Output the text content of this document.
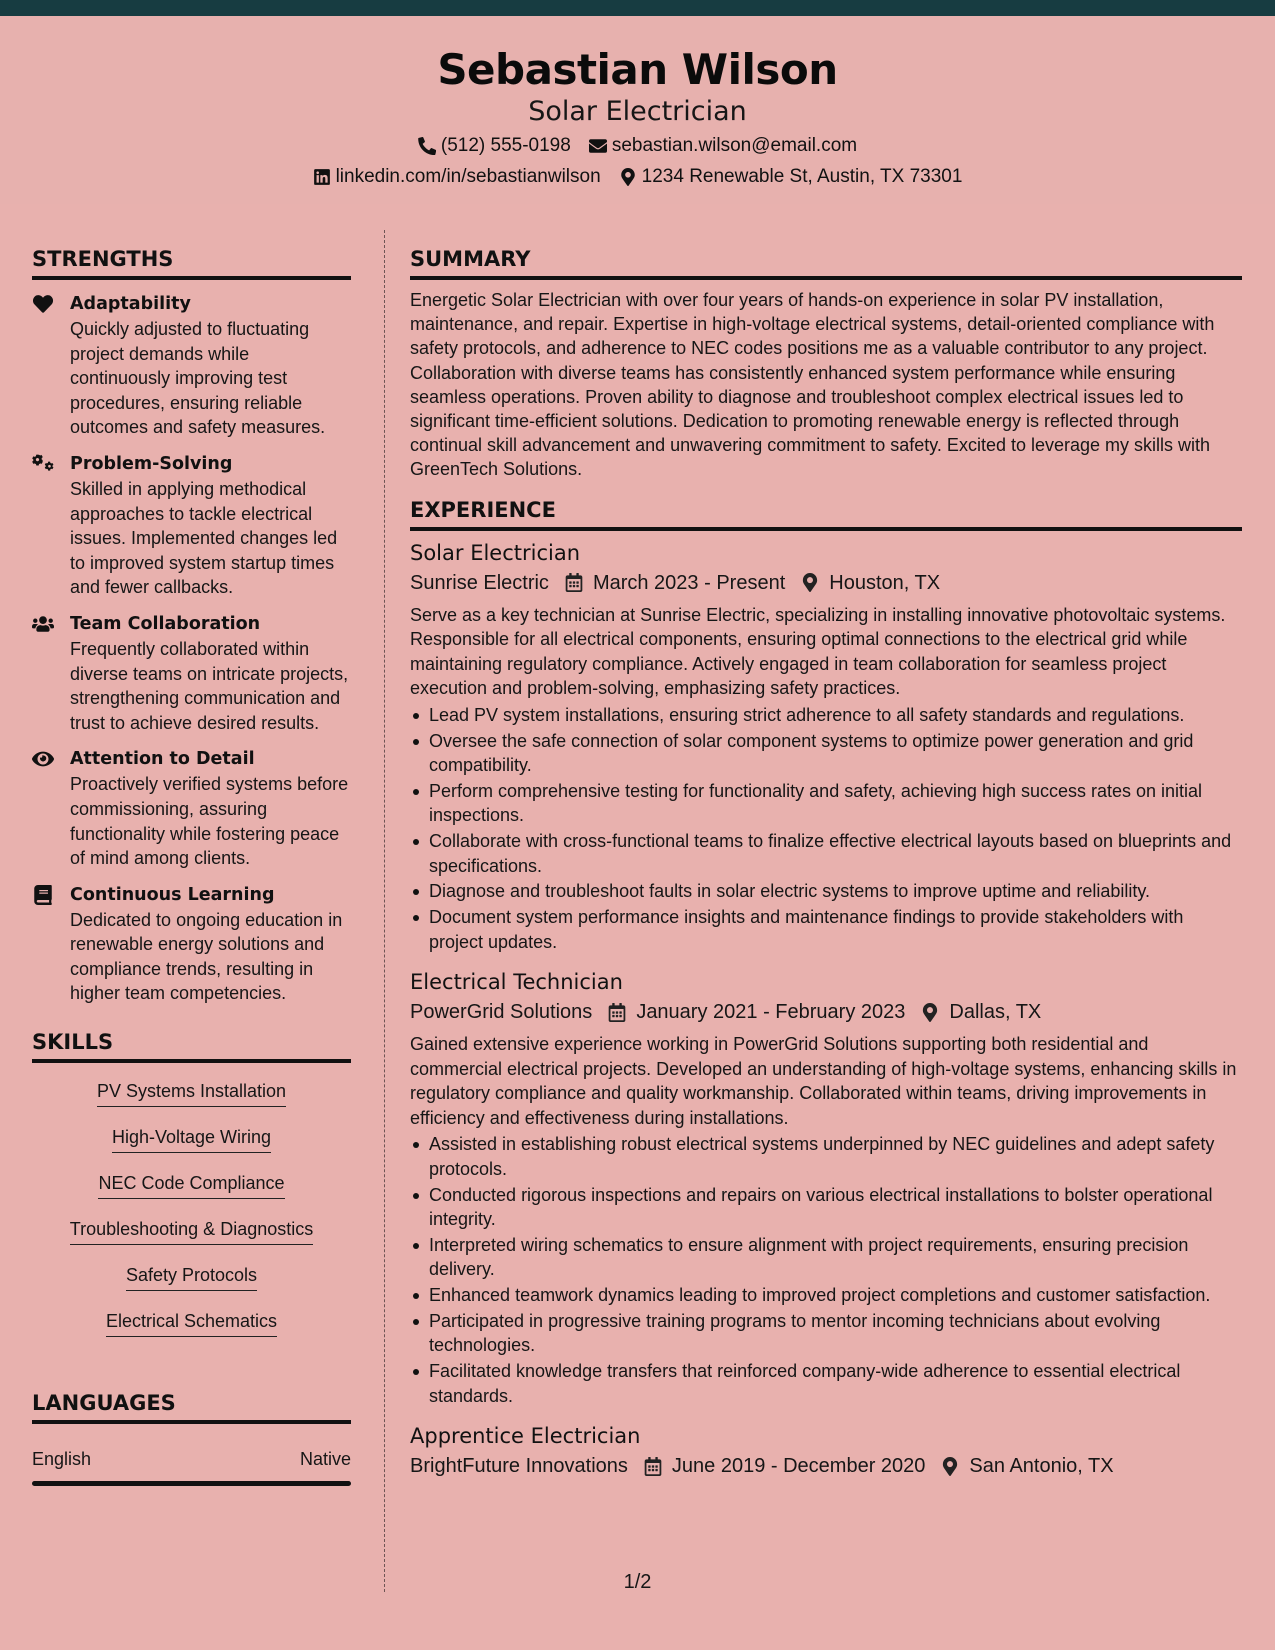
Sebastian Wilson
Solar Electrician
(512) 555-0198 sebastian.wilson@email.com
linkedin.com/in/sebastianwilson 1234 Renewable St, Austin, TX 73301
STRENGTHS
Adaptability
Quickly adjusted to fluctuating project demands while continuously improving test procedures, ensuring reliable outcomes and safety measures.
Problem-Solving
Skilled in applying methodical approaches to tackle electrical issues. Implemented changes led to improved system startup times and fewer callbacks.
Team Collaboration
Frequently collaborated within diverse teams on intricate projects, strengthening communication and trust to achieve desired results.
Attention to Detail
Proactively verified systems before commissioning, assuring functionality while fostering peace of mind among clients.
Continuous Learning
Dedicated to ongoing education in renewable energy solutions and compliance trends, resulting in higher team competencies.
SKILLS
PV Systems Installation
High-Voltage Wiring
NEC Code Compliance
Troubleshooting & Diagnostics
Safety Protocols
Electrical Schematics
LANGUAGES
English	Native
SUMMARY
Energetic Solar Electrician with over four years of hands-on experience in solar PV installation, maintenance, and repair. Expertise in high-voltage electrical systems, detail-oriented compliance with safety protocols, and adherence to NEC codes positions me as a valuable contributor to any project. Collaboration with diverse teams has consistently enhanced system performance while ensuring seamless operations. Proven ability to diagnose and troubleshoot complex electrical issues led to significant time-efficient solutions. Dedication to promoting renewable energy is reflected through continual skill advancement and unwavering commitment to safety. Excited to leverage my skills with GreenTech Solutions.
EXPERIENCE
Solar Electrician
Sunrise Electric March 2023 - Present Houston, TX
Serve as a key technician at Sunrise Electric, specializing in installing innovative photovoltaic systems. Responsible for all electrical components, ensuring optimal connections to the electrical grid while maintaining regulatory compliance. Actively engaged in team collaboration for seamless project execution and problem-solving, emphasizing safety practices.
Lead PV system installations, ensuring strict adherence to all safety standards and regulations.
Oversee the safe connection of solar component systems to optimize power generation and grid compatibility.
Perform comprehensive testing for functionality and safety, achieving high success rates on initial inspections.
Collaborate with cross-functional teams to finalize effective electrical layouts based on blueprints and specifications.
Diagnose and troubleshoot faults in solar electric systems to improve uptime and reliability.
Document system performance insights and maintenance findings to provide stakeholders with project updates.
Electrical Technician
PowerGrid Solutions January 2021 - February 2023 Dallas, TX
Gained extensive experience working in PowerGrid Solutions supporting both residential and commercial electrical projects. Developed an understanding of high-voltage systems, enhancing skills in regulatory compliance and quality workmanship. Collaborated within teams, driving improvements in efficiency and effectiveness during installations.
Assisted in establishing robust electrical systems underpinned by NEC guidelines and adept safety protocols.
Conducted rigorous inspections and repairs on various electrical installations to bolster operational integrity.
Interpreted wiring schematics to ensure alignment with project requirements, ensuring precision delivery.
Enhanced teamwork dynamics leading to improved project completions and customer satisfaction.
Participated in progressive training programs to mentor incoming technicians about evolving technologies.
Facilitated knowledge transfers that reinforced company-wide adherence to essential electrical standards.
Apprentice Electrician
BrightFuture Innovations June 2019 - December 2020 San Antonio, TX
1/2
